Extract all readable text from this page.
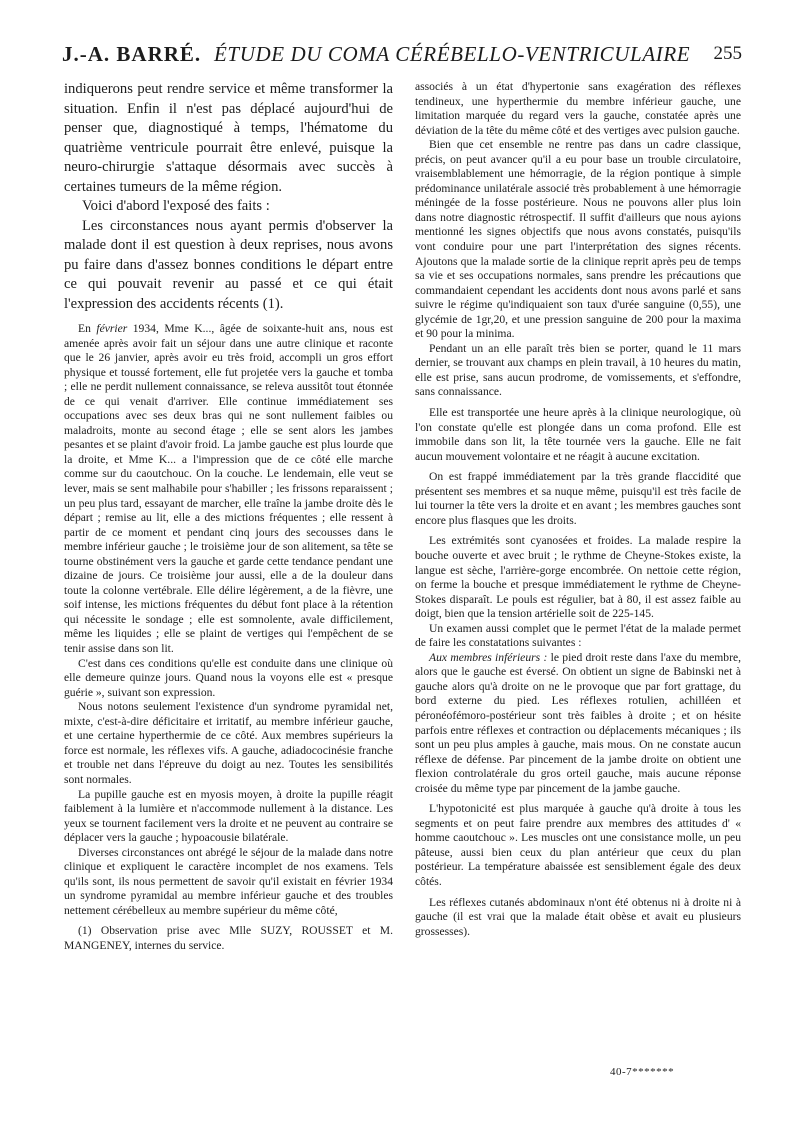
J.-A. BARRÉ. ÉTUDE DU COMA CÉRÉBELLO-VENTRICULAIRE 255

indiquerons peut rendre service et même transformer la situation. Enfin il n'est pas déplacé aujourd'hui de penser que, diagnostiqué à temps, l'hématome du quatrième ventricule pourrait être enlevé, puisque la neuro-chirurgie s'attaque désormais avec succès à certaines tumeurs de la même région.

Voici d'abord l'exposé des faits :

Les circonstances nous ayant permis d'observer la malade dont il est question à deux reprises, nous avons pu faire dans d'assez bonnes conditions le départ entre ce qui pouvait revenir au passé et ce qui était l'expression des accidents récents (1).

En février 1934, Mme K..., âgée de soixante-huit ans, nous est amenée après avoir fait un séjour dans une autre clinique et raconte que le 26 janvier, après avoir eu très froid, accompli un gros effort physique et toussé fortement, elle fut projetée vers la gauche et tomba ; elle ne perdit nullement connaissance, se releva aussitôt tout étonnée de ce qui venait d'arriver. Elle continue immédiatement ses occupations avec ses deux bras qui ne sont nullement faibles ou maladroits, monte au second étage ; elle se sent alors les jambes pesantes et se plaint d'avoir froid. La jambe gauche est plus lourde que la droite, et Mme K... a l'impression que de ce côté elle marche comme sur du caoutchouc. On la couche. Le lendemain, elle veut se lever, mais se sent malhabile pour s'habiller ; les frissons reparaissent ; un peu plus tard, essayant de marcher, elle traîne la jambe droite dès le départ ; remise au lit, elle a des mictions fréquentes ; elle ressent à partir de ce moment et pendant cinq jours des secousses dans le membre inférieur gauche ; le troisième jour de son alitement, sa tête se tourne obstinément vers la gauche et garde cette tendance pendant une dizaine de jours. Ce troisième jour aussi, elle a de la douleur dans toute la colonne vertébrale. Elle délire légèrement, a de la fièvre, une soif intense, les mictions fréquentes du début font place à la rétention qui nécessite le sondage ; elle est somnolente, avale difficilement, même les liquides ; elle se plaint de vertiges qui l'empêchent de se tenir assise dans son lit.

C'est dans ces conditions qu'elle est conduite dans une clinique où elle demeure quinze jours. Quand nous la voyons elle est « presque guérie », suivant son expression.

Nous notons seulement l'existence d'un syndrome pyramidal net, mixte, c'est-à-dire déficitaire et irritatif, au membre inférieur gauche, et une certaine hyperthermie de ce côté. Aux membres supérieurs la force est normale, les réflexes vifs. A gauche, adiadococinésie franche et trouble net dans l'épreuve du doigt au nez. Toutes les sensibilités sont normales.

La pupille gauche est en myosis moyen, à droite la pupille réagit faiblement à la lumière et n'accommode nullement à la distance. Les yeux se tournent facilement vers la droite et ne peuvent au contraire se déplacer vers la gauche ; hypoacousie bilatérale.

Diverses circonstances ont abrégé le séjour de la malade dans notre clinique et expliquent le caractère incomplet de nos examens. Tels qu'ils sont, ils nous permettent de savoir qu'il existait en février 1934 un syndrome pyramidal au membre inférieur gauche et des troubles nettement cérébelleux au membre supérieur du même côté,

(1) Observation prise avec Mlle SUZY, ROUSSET et M. MANGENEY, internes du service.

associés à un état d'hypertonie sans exagération des réflexes tendineux, une hyperthermie du membre inférieur gauche, une limitation marquée du regard vers la gauche, constatée après une déviation de la tête du même côté et des vertiges avec pulsion gauche.

Bien que cet ensemble ne rentre pas dans un cadre classique, précis, on peut avancer qu'il a eu pour base un trouble circulatoire, vraisemblablement une hémorragie, de la région pontique à simple prédominance unilatérale associé très probablement à une hémorragie méningée de la fosse postérieure. Nous ne pouvons aller plus loin dans notre diagnostic rétrospectif. Il suffit d'ailleurs que nous ayions mentionné les signes objectifs que nous avons constatés, puisqu'ils vont conduire pour une part l'interprétation des signes récents. Ajoutons que la malade sortie de la clinique reprit après peu de temps sa vie et ses occupations normales, sans prendre les précautions que commandaient cependant les accidents dont nous avons parlé et sans suivre le régime qu'indiquaient son taux d'urée sanguine (0,55), une glycémie de 1gr,20, et une pression sanguine de 200 pour la maxima et 90 pour la minima.

Pendant un an elle paraît très bien se porter, quand le 11 mars dernier, se trouvant aux champs en plein travail, à 10 heures du matin, elle est prise, sans aucun prodrome, de vomissements, et s'effondre, sans connaissance.

Elle est transportée une heure après à la clinique neurologique, où l'on constate qu'elle est plongée dans un coma profond. Elle est immobile dans son lit, la tête tournée vers la gauche. Elle ne fait aucun mouvement volontaire et ne réagit à aucune excitation.

On est frappé immédiatement par la très grande flaccidité que présentent ses membres et sa nuque même, puisqu'il est très facile de lui tourner la tête vers la droite et en avant ; les membres gauches sont encore plus flasques que les droits.

Les extrémités sont cyanosées et froides. La malade respire la bouche ouverte et avec bruit ; le rythme de Cheyne-Stokes existe, la langue est sèche, l'arrière-gorge encombrée. On nettoie cette région, on ferme la bouche et presque immédiatement le rythme de Cheyne-Stokes disparaît. Le pouls est régulier, bat à 80, il est assez faible au doigt, bien que la tension artérielle soit de 225-145.

Un examen aussi complet que le permet l'état de la malade permet de faire les constatations suivantes :

Aux membres inférieurs : le pied droit reste dans l'axe du membre, alors que le gauche est éversé. On obtient un signe de Babinski net à gauche alors qu'à droite on ne le provoque que par fort grattage, du bord externe du pied. Les réflexes rotulien, achilléen et péronéofémoro-postérieur sont très faibles à droite ; et on hésite parfois entre réflexes et contraction ou déplacements mécaniques ; ils sont un peu plus amples à gauche, mais mous. On ne constate aucun réflexe de défense. Par pincement de la jambe droite on obtient une flexion controlatérale du gros orteil gauche, mais aucune réponse croisée du même type par pincement de la jambe gauche.

L'hypotonicité est plus marquée à gauche qu'à droite à tous les segments et on peut faire prendre aux membres des attitudes d' « homme caoutchouc ». Les muscles ont une consistance molle, un peu pâteuse, aussi bien ceux du plan antérieur que ceux du plan postérieur. La température abaissée est sensiblement égale des deux côtés.

Les réflexes cutanés abdominaux n'ont été obtenus ni à droite ni à gauche (il est vrai que la malade était obèse et avait eu plusieurs grossesses).

40-7*******
